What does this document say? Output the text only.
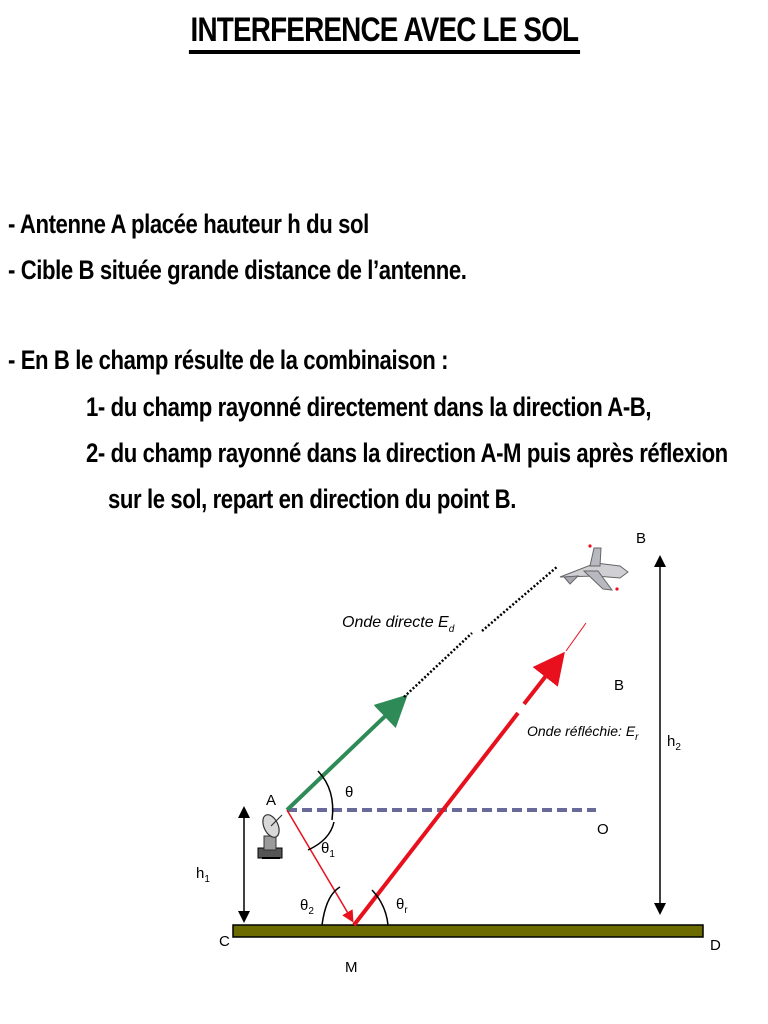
INTERFERENCE AVEC LE SOL
- Antenne A placée hauteur h du sol
- Cible B située grande distance de l’antenne.
- En B le champ résulte de la combinaison :
1- du champ rayonné directement dans la direction A-B,
2- du champ rayonné dans la direction A-M puis après réflexion
sur le sol, repart en direction du point B.
A
B
B
O
C	D
M
$h_1$
$h_2$
θ
$\theta_1$
$\theta_2$	$\theta_r$
Onde directe $E_d$
Onde réfléchie: $E_r$
